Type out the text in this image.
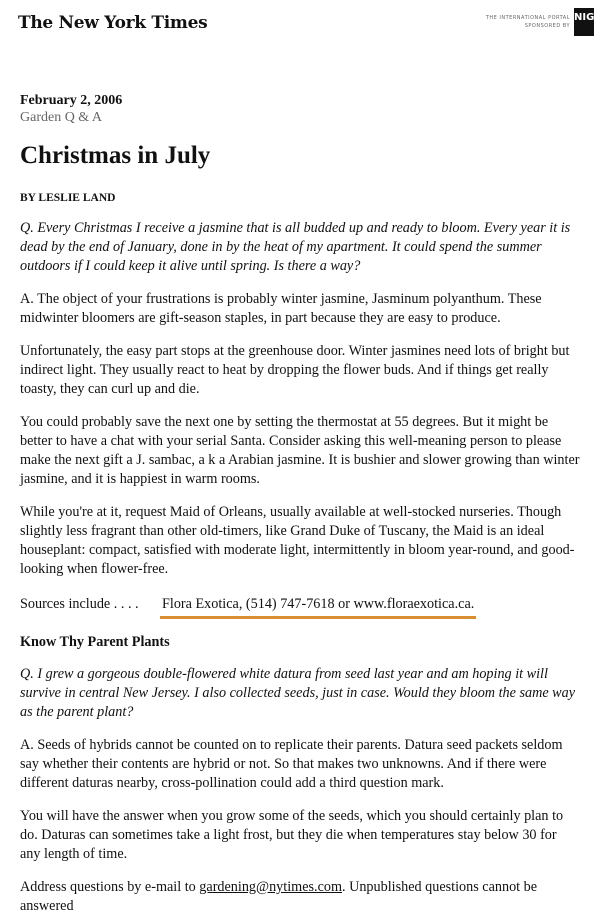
The New York Times	THE INTERNATIONAL PORTAL SPONSORED BY
NIG
February 2, 2006
Garden Q & A
Christmas in July
BY LESLIE LAND

Q. Every Christmas I receive a jasmine that is all budded up and ready to bloom. Every year it is dead by the end of January, done in by the heat of my apartment. It could spend the summer outdoors if I could keep it alive until spring. Is there a way?

A. The object of your frustrations is probably winter jasmine, Jasminum polyanthum. These midwinter bloomers are gift-season staples, in part because they are easy to produce.

Unfortunately, the easy part stops at the greenhouse door. Winter jasmines need lots of bright but indirect light. They usually react to heat by dropping the flower buds. And if things get really toasty, they can curl up and die.

You could probably save the next one by setting the thermostat at 55 degrees. But it might be better to have a chat with your serial Santa. Consider asking this well-meaning person to please make the next gift a J. sambac, a k a Arabian jasmine. It is bushier and slower growing than winter jasmine, and it is happiest in warm rooms.

While you're at it, request Maid of Orleans, usually available at well-stocked nurseries. Though slightly less fragrant than other old-timers, like Grand Duke of Tuscany, the Maid is an ideal houseplant: compact, satisfied with moderate light, intermittently in bloom year-round, and good-looking when flower-free.

Sources include . . . . Flora Exotica, (514) 747-7618 or www.floraexotica.ca.
Know Thy Parent Plants

Q. I grew a gorgeous double-flowered white datura from seed last year and am hoping it will survive in central New Jersey. I also collected seeds, just in case. Would they bloom the same way as the parent plant?

A. Seeds of hybrids cannot be counted on to replicate their parents. Datura seed packets seldom say whether their contents are hybrid or not. So that makes two unknowns. And if there were different daturas nearby, cross-pollination could add a third question mark.

You will have the answer when you grow some of the seeds, which you should certainly plan to do. Daturas can sometimes take a light frost, but they die when temperatures stay below 30 for any length of time.

Address questions by e-mail to gardening@nytimes.com. Unpublished questions cannot be answered
